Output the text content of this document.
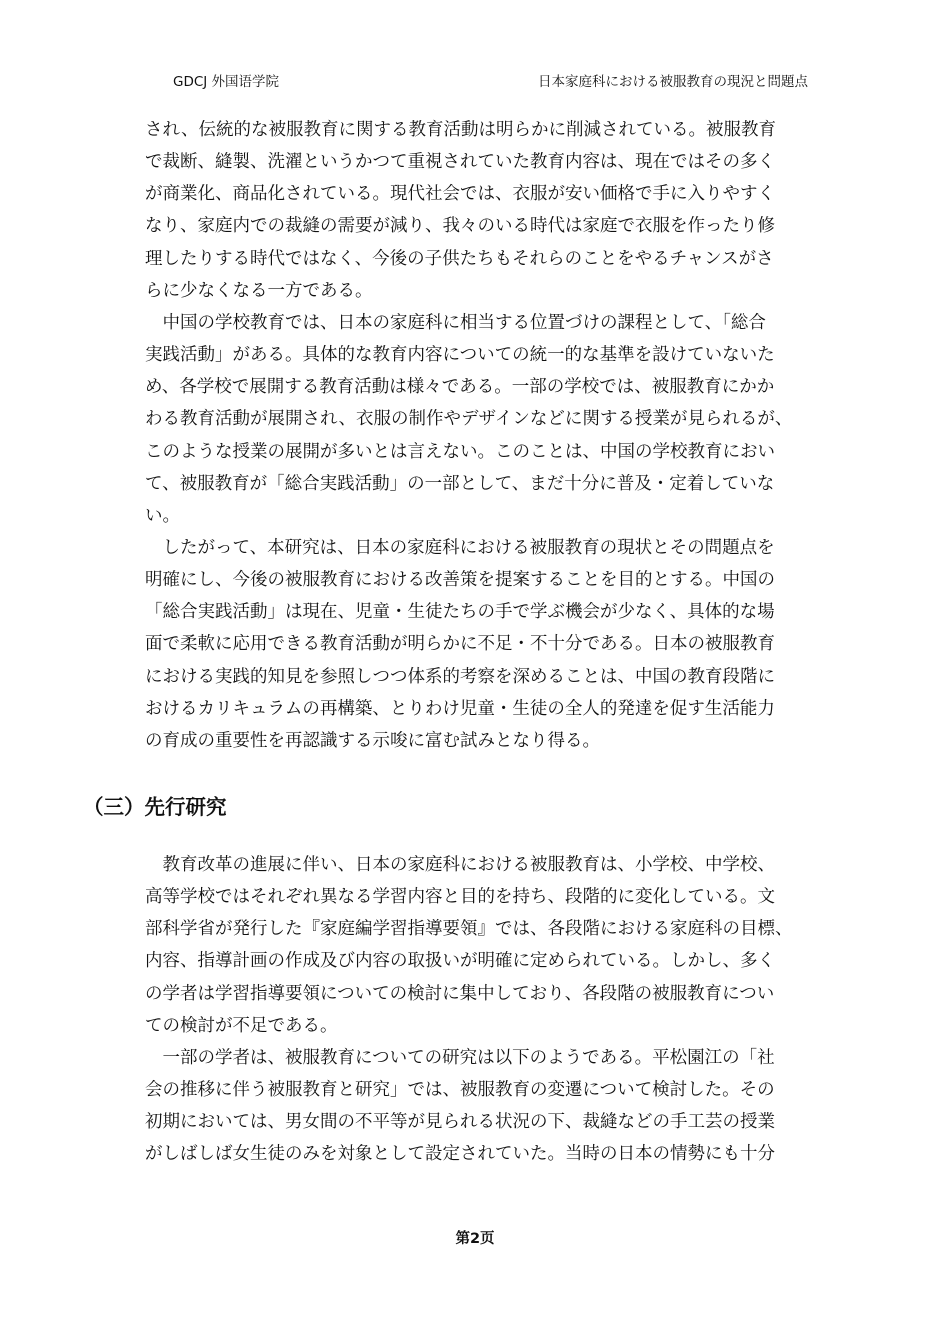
GDCJ 外国语学院	日本家庭科における被服教育の現況と問題点
され、伝統的な被服教育に関する教育活動は明らかに削減されている。被服教育
で裁断、縫製、洗濯というかつて重視されていた教育内容は、現在ではその多く
が商業化、商品化されている。現代社会では、衣服が安い価格で手に入りやすく
なり、家庭内での裁縫の需要が減り、我々のいる時代は家庭で衣服を作ったり修
理したりする時代ではなく、今後の子供たちもそれらのことをやるチャンスがさ
らに少なくなる一方である。
　中国の学校教育では、日本の家庭科に相当する位置づけの課程として、「総合
実践活動」がある。具体的な教育内容についての統一的な基準を設けていないた
め、各学校で展開する教育活動は様々である。一部の学校では、被服教育にかか
わる教育活動が展開され、衣服の制作やデザインなどに関する授業が見られるが、
このような授業の展開が多いとは言えない。このことは、中国の学校教育におい
て、被服教育が「総合実践活動」の一部として、まだ十分に普及・定着していな
い。
　したがって、本研究は、日本の家庭科における被服教育の現状とその問題点を
明確にし、今後の被服教育における改善策を提案することを目的とする。中国の
「総合実践活動」は現在、児童・生徒たちの手で学ぶ機会が少なく、具体的な場
面で柔軟に応用できる教育活動が明らかに不足・不十分である。日本の被服教育
における実践的知見を参照しつつ体系的考察を深めることは、中国の教育段階に
おけるカリキュラムの再構築、とりわけ児童・生徒の全人的発達を促す生活能力
の育成の重要性を再認識する示唆に富む試みとなり得る。
（三）先行研究
　教育改革の進展に伴い、日本の家庭科における被服教育は、小学校、中学校、
高等学校ではそれぞれ異なる学習内容と目的を持ち、段階的に変化している。文
部科学省が発行した『家庭編学習指導要領』では、各段階における家庭科の目標、
内容、指導計画の作成及び内容の取扱いが明確に定められている。しかし、多く
の学者は学習指導要領についての検討に集中しており、各段階の被服教育につい
ての検討が不足である。
　一部の学者は、被服教育についての研究は以下のようである。平松園江の「社
会の推移に伴う被服教育と研究」では、被服教育の変遷について検討した。その
初期においては、男女間の不平等が見られる状況の下、裁縫などの手工芸の授業
がしばしば女生徒のみを対象として設定されていた。当時の日本の情勢にも十分
第2页
